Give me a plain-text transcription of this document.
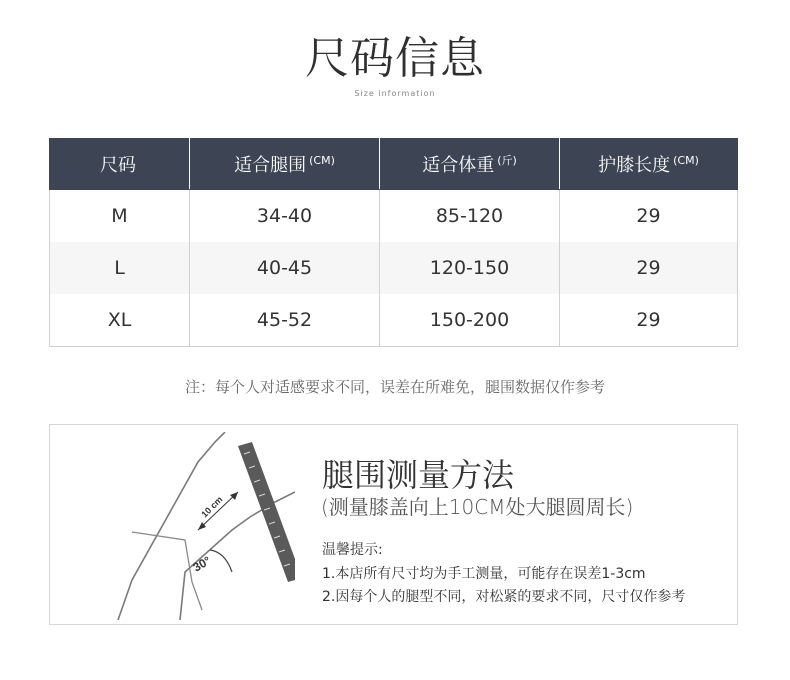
尺码信息
Size information
尺码	适合腿围 $^{(CM)}$	适合体重 $^{(斤)}$	护膝长度 $^{(CM)}$
M	34-40	85-120	29
L	40-45	120-150	29
XL	45-52	150-200	29
注：每个人对适感要求不同，误差在所难免，腿围数据仅作参考
10 cm
30°
腿围测量方法
(测量膝盖向上10CM处大腿圆周长)
温馨提示:
1.本店所有尺寸均为手工测量，可能存在误差1-3cm
2.因每个人的腿型不同，对松紧的要求不同，尺寸仅作参考
